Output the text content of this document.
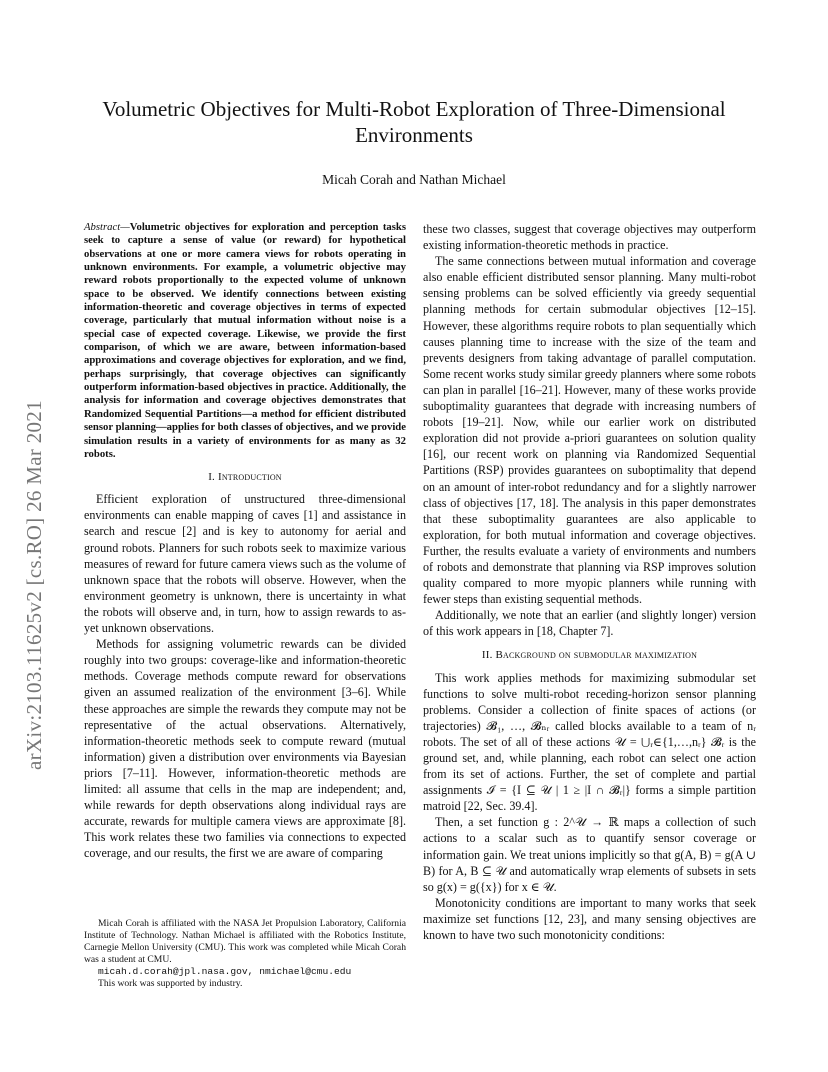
Volumetric Objectives for Multi-Robot Exploration of Three-Dimensional Environments
Micah Corah and Nathan Michael
arXiv:2103.11625v2 [cs.RO] 26 Mar 2021

Abstract—Volumetric objectives for exploration and perception tasks seek to capture a sense of value (or reward) for hypothetical observations at one or more camera views for robots operating in unknown environments. For example, a volumetric objective may reward robots proportionally to the expected volume of unknown space to be observed. We identify connections between existing information-theoretic and coverage objectives in terms of expected coverage, particularly that mutual information without noise is a special case of expected coverage. Likewise, we provide the first comparison, of which we are aware, between information-based approximations and coverage objectives for exploration, and we find, perhaps surprisingly, that coverage objectives can significantly outperform information-based objectives in practice. Additionally, the analysis for information and coverage objectives demonstrates that Randomized Sequential Partitions—a method for efficient distributed sensor planning—applies for both classes of objectives, and we provide simulation results in a variety of environments for as many as 32 robots.

I. Introduction

Efficient exploration of unstructured three-dimensional environments can enable mapping of caves [1] and assistance in search and rescue [2] and is key to autonomy for aerial and ground robots. Planners for such robots seek to maximize various measures of reward for future camera views such as the volume of unknown space that the robots will observe. However, when the environment geometry is unknown, there is uncertainty in what the robots will observe and, in turn, how to assign rewards to as-yet unknown observations.

Methods for assigning volumetric rewards can be divided roughly into two groups: coverage-like and information-theoretic methods. Coverage methods compute reward for observations given an assumed realization of the environment [3–6]. While these approaches are simple the rewards they compute may not be representative of the actual observations. Alternatively, information-theoretic methods seek to compute reward (mutual information) given a distribution over environments via Bayesian priors [7–11]. However, information-theoretic methods are limited: all assume that cells in the map are independent; and, while rewards for depth observations along individual rays are accurate, rewards for multiple camera views are approximate [8]. This work relates these two families via connections to expected coverage, and our results, the first we are aware of comparing

these two classes, suggest that coverage objectives may outperform existing information-theoretic methods in practice.

The same connections between mutual information and coverage also enable efficient distributed sensor planning. Many multi-robot sensing problems can be solved efficiently via greedy sequential planning methods for certain submodular objectives [12–15]. However, these algorithms require robots to plan sequentially which causes planning time to increase with the size of the team and prevents designers from taking advantage of parallel computation. Some recent works study similar greedy planners where some robots can plan in parallel [16–21]. However, many of these works provide suboptimality guarantees that degrade with increasing numbers of robots [19–21]. Now, while our earlier work on distributed exploration did not provide a-priori guarantees on solution quality [16], our recent work on planning via Randomized Sequential Partitions (RSP) provides guarantees on suboptimality that depend on an amount of inter-robot redundancy and for a slightly narrower class of objectives [17, 18]. The analysis in this paper demonstrates that these suboptimality guarantees are also applicable to exploration, for both mutual information and coverage objectives. Further, the results evaluate a variety of environments and numbers of robots and demonstrate that planning via RSP improves solution quality compared to more myopic planners while running with fewer steps than existing sequential methods.

Additionally, we note that an earlier (and slightly longer) version of this work appears in [18, Chapter 7].

II. Background on submodular maximization

This work applies methods for maximizing submodular set functions to solve multi-robot receding-horizon sensor planning problems. Consider a collection of finite spaces of actions (or trajectories) 𝓑₁, …, 𝓑ₙᵣ called blocks available to a team of nᵣ robots. The set of all of these actions 𝒰 = ⋃ᵣ∈{1,…,nᵣ} 𝓑ᵣ is the ground set, and, while planning, each robot can select one action from its set of actions. Further, the set of complete and partial assignments ℐ = {I ⊆ 𝒰 | 1 ≥ |I ∩ 𝓑ᵣ|} forms a simple partition matroid [22, Sec. 39.4].

Then, a set function g : 2^𝒰 → ℝ maps a collection of such actions to a scalar such as to quantify sensor coverage or information gain. We treat unions implicitly so that g(A, B) = g(A ∪ B) for A, B ⊆ 𝒰 and automatically wrap elements of subsets in sets so g(x) = g({x}) for x ∈ 𝒰.

Monotonicity conditions are important to many works that seek maximize set functions [12, 23], and many sensing objectives are known to have two such monotonicity conditions:

Micah Corah is affiliated with the NASA Jet Propulsion Laboratory, California Institute of Technology. Nathan Michael is affiliated with the Robotics Institute, Carnegie Mellon University (CMU). This work was completed while Micah Corah was a student at CMU.

micah.d.corah@jpl.nasa.gov, nmichael@cmu.edu
This work was supported by industry.
